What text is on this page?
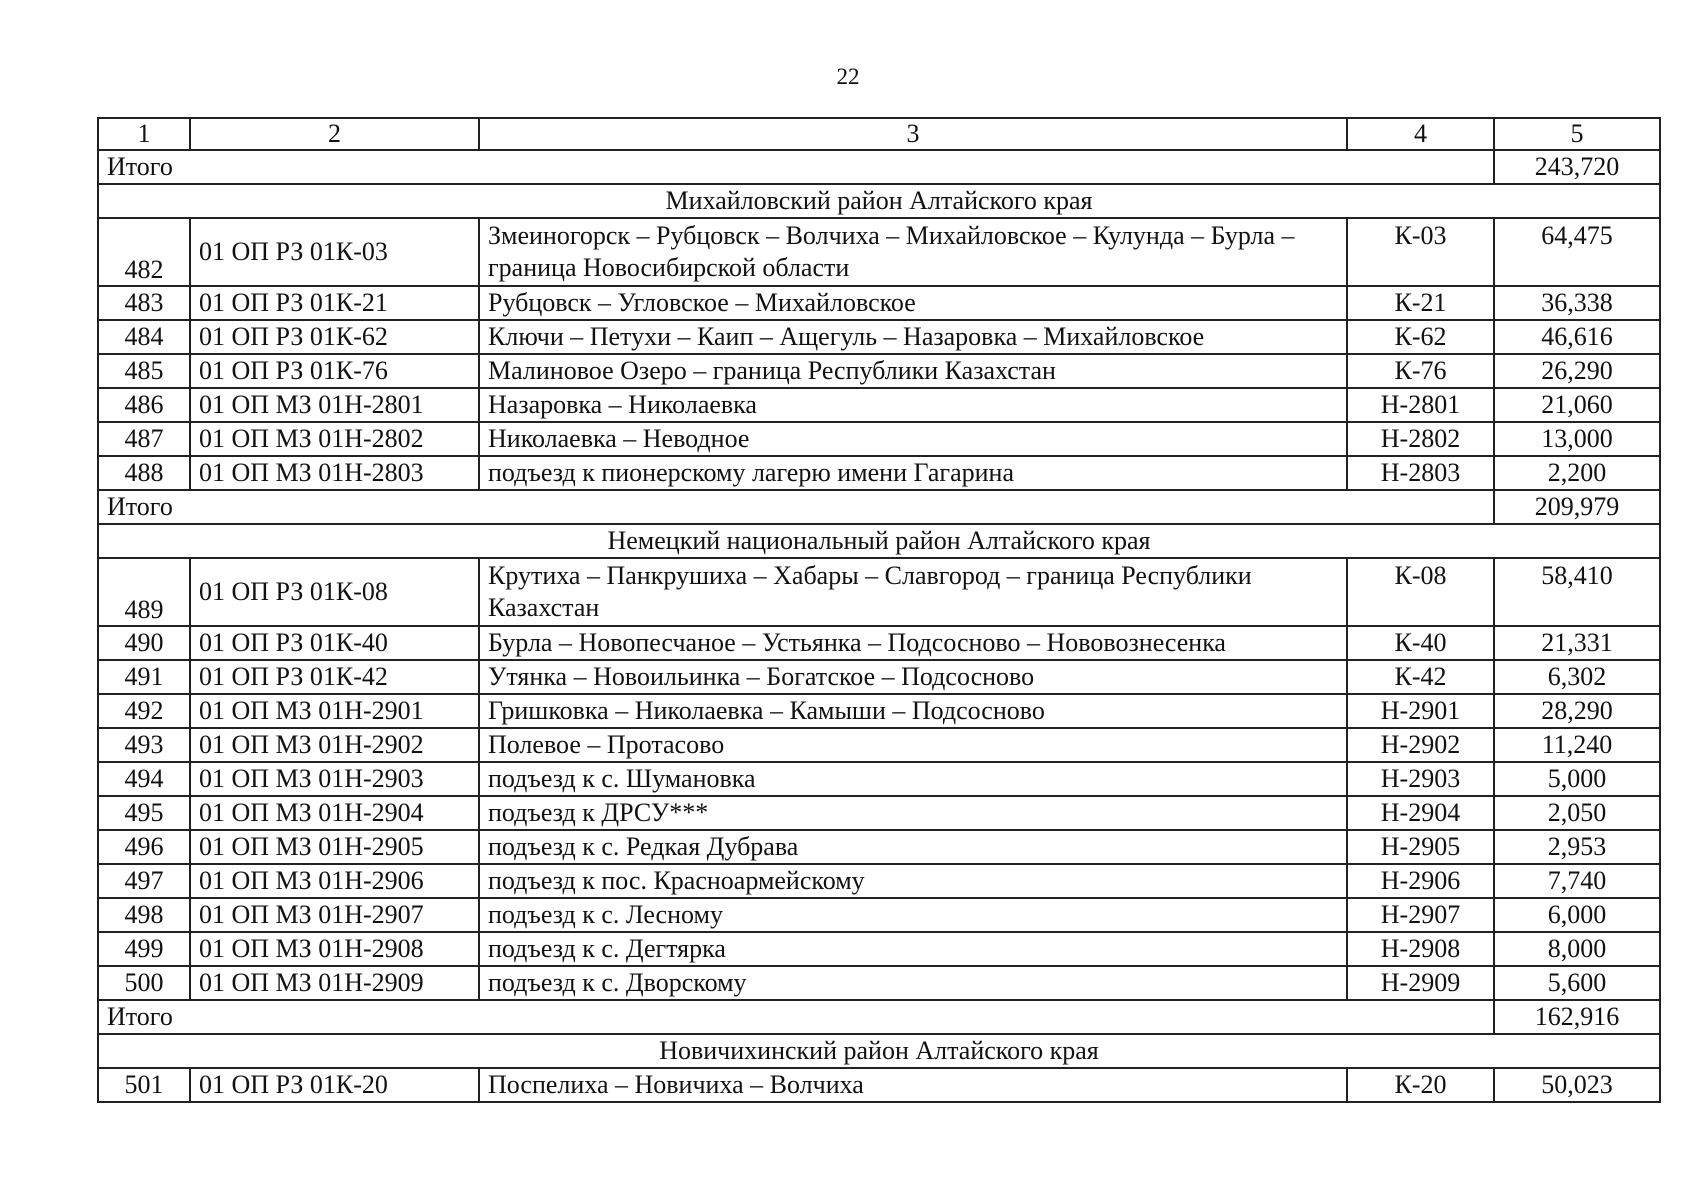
22
1	2	3	4	5
Итого				243,720
Михайловский район Алтайского края				
482	01 ОП РЗ 01К-03	Змеиногорск – Рубцовск – Волчиха – Михайловское – Кулунда – Бурла – граница Новосибирской области	К-03	64,475
483	01 ОП РЗ 01К-21	Рубцовск – Угловское – Михайловское	К-21	36,338
484	01 ОП РЗ 01К-62	Ключи – Петухи – Каип – Ащегуль – Назаровка – Михайловское	К-62	46,616
485	01 ОП РЗ 01К-76	Малиновое Озеро – граница Республики Казахстан	К-76	26,290
486	01 ОП МЗ 01Н-2801	Назаровка – Николаевка	Н-2801	21,060
487	01 ОП МЗ 01Н-2802	Николаевка – Неводное	Н-2802	13,000
488	01 ОП МЗ 01Н-2803	подъезд к пионерскому лагерю имени Гагарина	Н-2803	2,200
Итого				209,979
Немецкий национальный район Алтайского края				
489	01 ОП РЗ 01К-08	Крутиха – Панкрушиха – Хабары – Славгород – граница Республики Казахстан	К-08	58,410
490	01 ОП РЗ 01К-40	Бурла – Новопесчаное – Устьянка – Подсосново – Нововознесенка	К-40	21,331
491	01 ОП РЗ 01К-42	Утянка – Новоильинка – Богатское – Подсосново	К-42	6,302
492	01 ОП МЗ 01Н-2901	Гришковка – Николаевка – Камыши – Подсосново	Н-2901	28,290
493	01 ОП МЗ 01Н-2902	Полевое – Протасово	Н-2902	11,240
494	01 ОП МЗ 01Н-2903	подъезд к с. Шумановка	Н-2903	5,000
495	01 ОП МЗ 01Н-2904	подъезд к ДРСУ***	Н-2904	2,050
496	01 ОП МЗ 01Н-2905	подъезд к с. Редкая Дубрава	Н-2905	2,953
497	01 ОП МЗ 01Н-2906	подъезд к пос. Красноармейскому	Н-2906	7,740
498	01 ОП МЗ 01Н-2907	подъезд к с. Лесному	Н-2907	6,000
499	01 ОП МЗ 01Н-2908	подъезд к с. Дегтярка	Н-2908	8,000
500	01 ОП МЗ 01Н-2909	подъезд к с. Дворскому	Н-2909	5,600
Итого				162,916
Новичихинский район Алтайского края				
501	01 ОП РЗ 01К-20	Поспелиха – Новичиха – Волчиха	К-20	50,023
